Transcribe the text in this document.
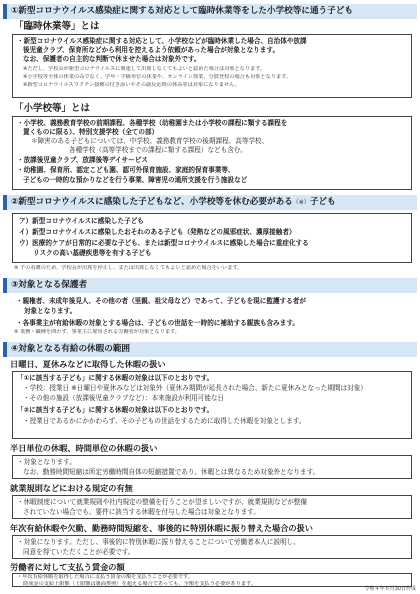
①新型コロナウイルス感染症に関する対応として臨時休業等をした小学校等に通う子ども
「臨時休業等」とは
・新型コロナウイルス感染症に関する対応として、小学校などが臨時休業した場合、自治体や放課
後児童クラブ、保育所などから利用を控えるよう依頼があった場合が対象となります。
なお、保護者の自主的な判断で休ませた場合は対象外です。
※ただし、学校長が新型コロナウイルスに関連して出席しなくてもよいと認めた場合は対象となります。
※小学校等全体の休業のみでなく、学年・学級単位の休業や、オンライン授業、分散登校の場合も対象となります。
※新型コロナウイルスワクチン接種の付き添いやその副反応時の休み等は対象になりません。
「小学校等」とは
・小学校、義務教育学校の前期課程、各種学校（幼稚園または小学校の課程に類する課程を
置くものに限る）、特別支援学校（全ての部）
＊障害のある子どもについては、中学校、義務教育学校の後期課程、高等学校、
各種学校（高等学校までの課程に類する課程）なども含む。
・放課後児童クラブ、放課後等デイサービス
・幼稚園、保育所、認定こども園、認可外保育施設、家庭的保育事業等、
子どもの一時的な預かりなどを行う事業、障害児の通所支援を行う施設など
②新型コロナウイルスに感染した子どもなど、小学校等を休む必要がある（※）子ども
ア）新型コロナウイルスに感染した子ども
イ）新型コロナウイルスに感染したおそれのある子ども（発熱などの風邪症状、濃厚接触者）
ウ）医療的ケアが日常的に必要な子ども、または新型コロナウイルスに感染した場合に重症化する
リスクの高い基礎疾患等を有する子ども
※ 子の看護のため、学校長が出席を停止し、または出席しなくてもよいと認めた場合をいいます。
③対象となる保護者
・親権者、未成年後見人、その他の者（里親、祖父母など）であって、子どもを現に監護する者が
対象となります。
・各事業主が有給休暇の対象とする場合は、子どもの世話を一時的に補助する親族も含みます。
※ 業務・職種を問わず、事業主に雇用される労働者が対象となります。
④対象となる有給の休暇の範囲
日曜日、夏休みなどに取得した休暇の扱い
「①に該当する子ども」に関する休暇の対象は以下のとおりです。
・学校：授業日 ※日曜日や夏休みなどは対象外（夏休み期間が延長された場合、新たに夏休みとなった期間は対象）
・その他の施設（放課後児童クラブなど）：本来施設が利用可能な日
「②に該当する子ども」に関する休暇の対象は以下のとおりです。
・授業日であるかにかかわらず、その子どもの世話をするために取得した休暇を対象とします。
半日単位の休暇、時間単位の休暇の扱い
・対象となります。
なお、勤務時間短縮は所定労働時間自体の短縮措置であり、休暇とは異なるため対象外となります。
就業規則などにおける規定の有無
・休暇制度について就業規則や社内規定の整備を行うことが望ましいですが、就業規則などが整備
されていない場合でも、要件に該当する休暇を付与した場合は対象となります。
年次有給休暇や欠勤、勤務時間短縮を、事後的に特別休暇に振り替えた場合の扱い
・対象になります。ただし、事後的に特別休暇に振り替えることについて労働者本人に説明し、
同意を得ていただくことが必要です。
労働者に対して支払う賃金の額
・年次有給休暇を取得した場合に支払う賃金の額を支払うことが必要です。
助成金の支給上限額（上限額は裏面参照）を超える場合であっても、全額を支払う必要があります。
令和４年６月30日作成
